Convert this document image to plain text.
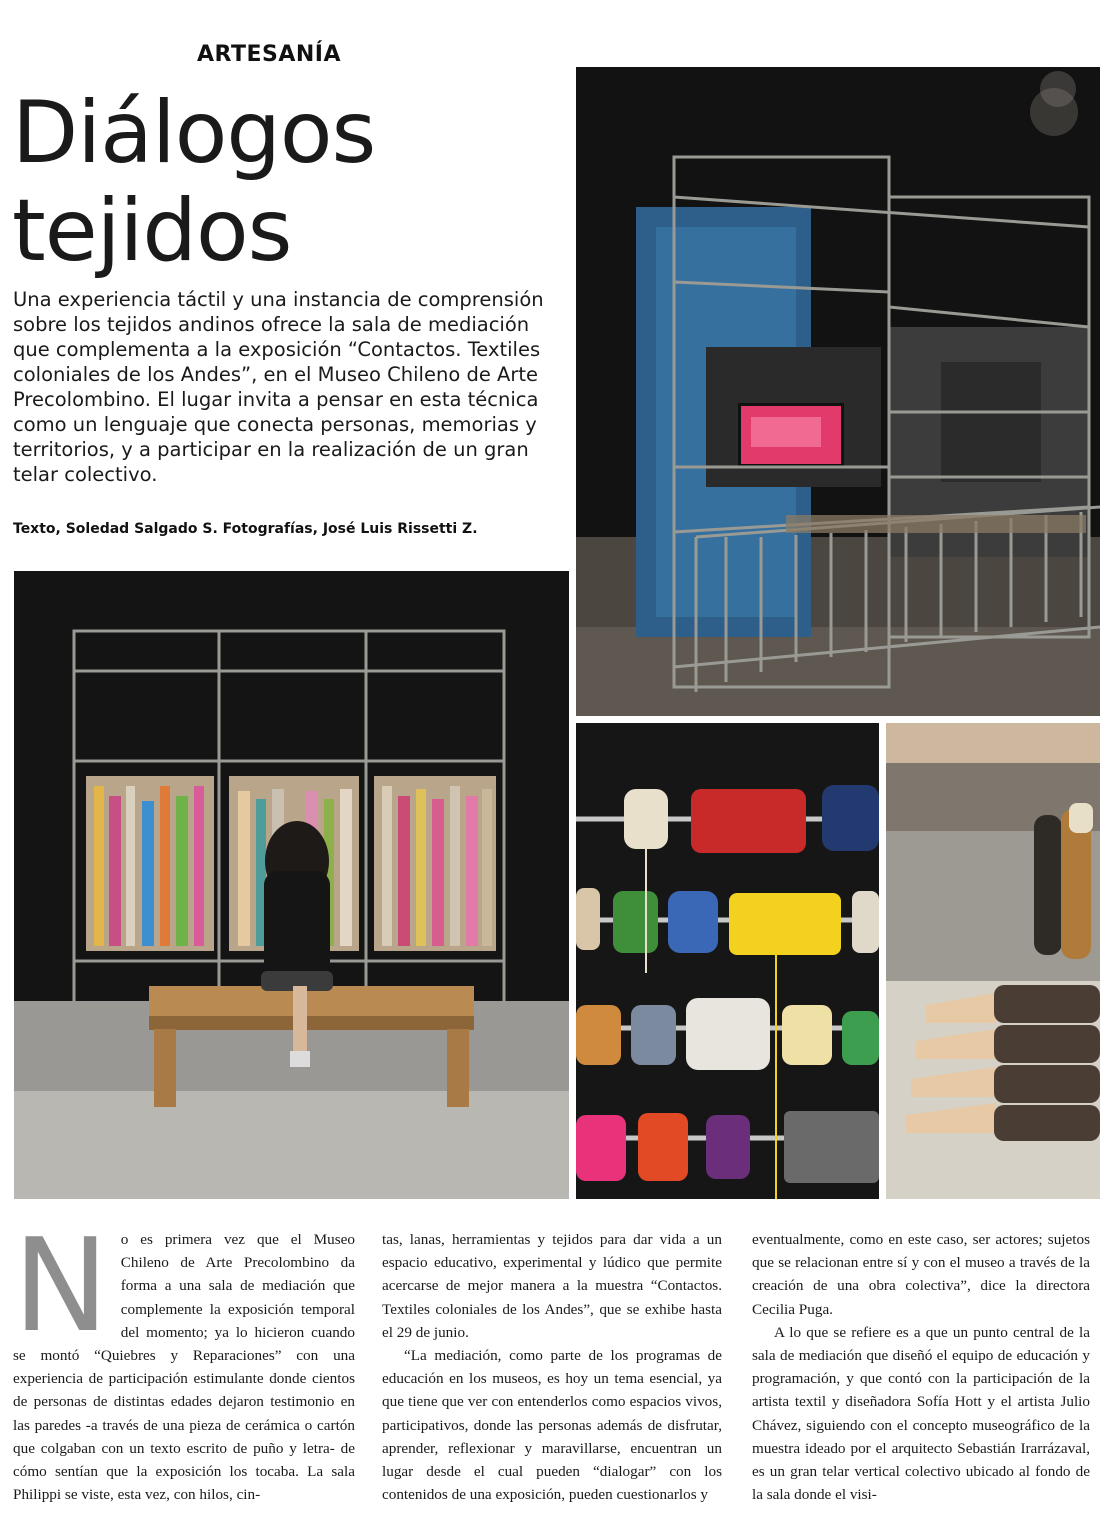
ARTESANÍA
Diálogos
tejidos

Una experiencia táctil y una instancia de comprensión sobre los tejidos andinos ofrece la sala de mediación que complementa a la exposición “Contactos. Textiles coloniales de los Andes”, en el Museo Chileno de Arte Precolombino. El lugar invita a pensar en esta técnica como un lenguaje que conecta personas, memorias y territorios, y a participar en la realización de un gran telar colectivo.

Texto, Soledad Salgado S. Fotografías, José Luis Rissetti Z.

N o es primera vez que el Museo Chileno de Arte Precolombino da forma a una sala de mediación que complemente la exposición temporal del momento; ya lo hicieron cuando se montó “Quiebres y Reparaciones” con una experiencia de participación estimulante donde cientos de personas de distintas edades dejaron testimonio en las paredes -a través de una pieza de cerámica o cartón que colgaban con un texto escrito de puño y letra- de cómo sentían que la exposición los tocaba. La sala Philippi se viste, esta vez, con hilos, cin-

tas, lanas, herramientas y tejidos para dar vida a un espacio educativo, experimental y lúdico que permite acercarse de mejor manera a la muestra “Contactos. Textiles coloniales de los Andes”, que se exhibe hasta el 29 de junio.

“La mediación, como parte de los programas de educación en los museos, es hoy un tema esencial, ya que tiene que ver con entenderlos como espacios vivos, participativos, donde las personas además de disfrutar, aprender, reflexionar y maravillarse, encuentran un lugar desde el cual pueden “dialogar” con los contenidos de una exposición, pueden cuestionarlos y

eventualmente, como en este caso, ser actores; sujetos que se relacionan entre sí y con el museo a través de la creación de una obra colectiva”, dice la directora Cecilia Puga.

A lo que se refiere es a que un punto central de la sala de mediación que diseñó el equipo de educación y programación, y que contó con la participación de la artista textil y diseñadora Sofía Hott y el artista Julio Chávez, siguiendo con el concepto museográfico de la muestra ideado por el arquitecto Sebastián Irarrázaval, es un gran telar vertical colectivo ubicado al fondo de la sala donde el visi-
